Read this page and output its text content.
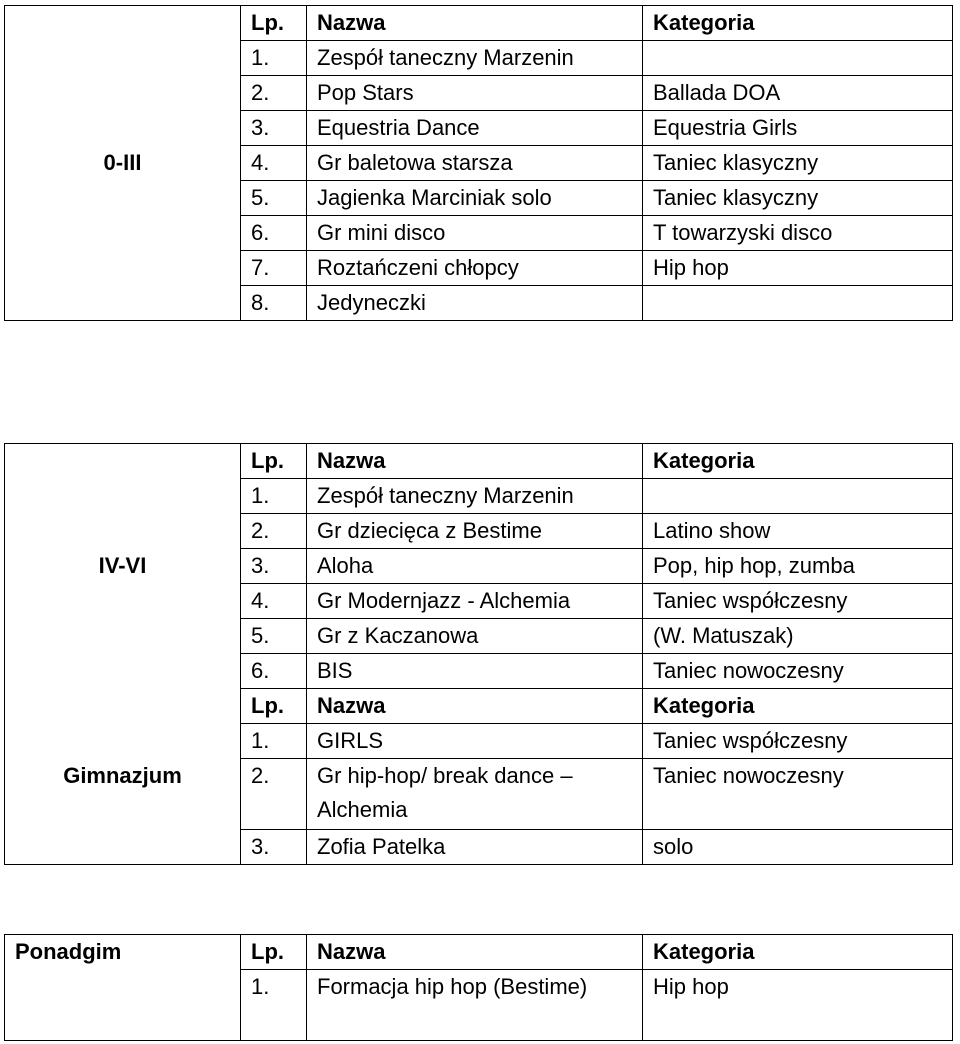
0-III	Lp.	Nazwa	Kategoria
	1.	Zespół taneczny Marzenin	
	2.	Pop Stars	Ballada DOA
	3.	Equestria Dance	Equestria Girls
	4.	Gr baletowa starsza	Taniec klasyczny
	5.	Jagienka Marciniak solo	Taniec klasyczny
	6.	Gr mini disco	T towarzyski disco
	7.	Roztańczeni chłopcy	Hip hop
	8.	Jedyneczki	
IV-VI	Lp.	Nazwa	Kategoria
	1.	Zespół taneczny Marzenin	
	2.	Gr dziecięca z Bestime	Latino show
	3.	Aloha	Pop, hip hop, zumba
	4.	Gr Modernjazz - Alchemia	Taniec współczesny
	5.	Gr z Kaczanowa	(W. Matuszak)
	6.	BIS	Taniec nowoczesny
Gimnazjum	Lp.	Nazwa	Kategoria
	1.	GIRLS	Taniec współczesny
	2.	Gr hip-hop/ break dance – Alchemia	Taniec nowoczesny
	3.	Zofia Patelka	solo
Ponadgim	Lp.	Nazwa	Kategoria
	1.	Formacja hip hop (Bestime)	Hip hop
